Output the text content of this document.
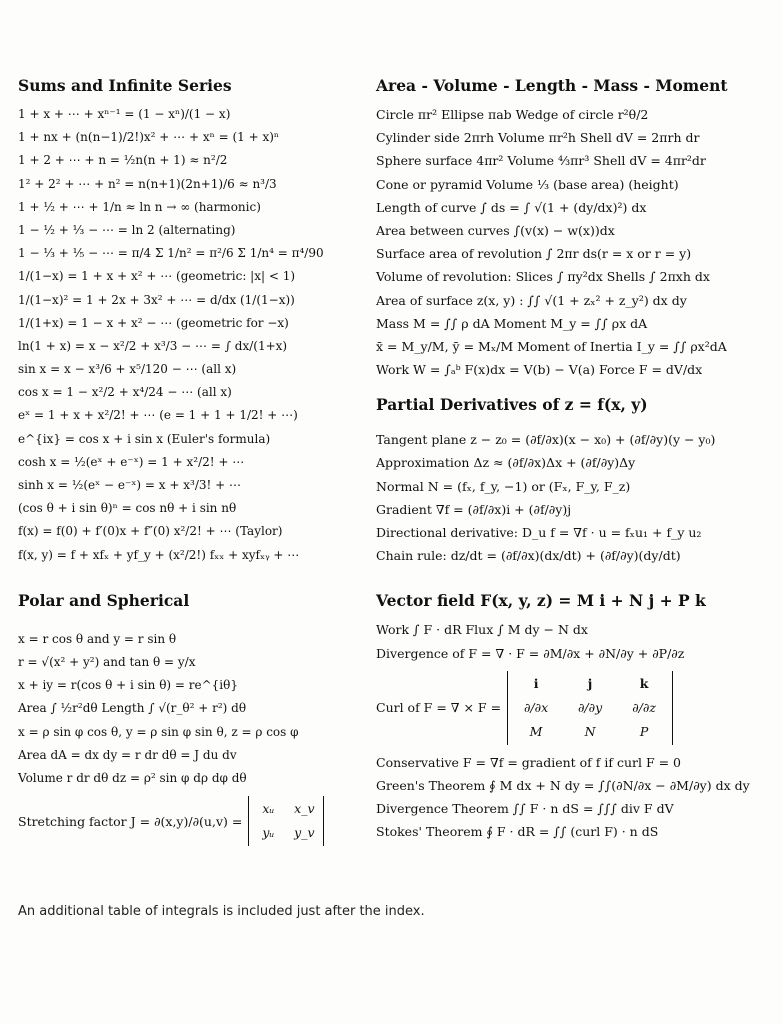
Sums and Infinite Series
1 + x + ⋯ + xⁿ⁻¹ = (1 − xⁿ)/(1 − x)
1 + nx + (n(n−1)/2!)x² + ⋯ + xⁿ = (1 + x)ⁿ
1 + 2 + ⋯ + n = ½n(n + 1) ≈ n²/2
1² + 2² + ⋯ + n² = n(n+1)(2n+1)/6 ≈ n³/3
1 + ½ + ⋯ + 1/n ≈ ln n → ∞ (harmonic)
1 − ½ + ⅓ − ⋯ = ln 2 (alternating)
1 − ⅓ + ⅕ − ⋯ = π/4 Σ 1/n² = π²/6 Σ 1/n⁴ = π⁴/90
1/(1−x) = 1 + x + x² + ⋯ (geometric: |x| < 1)
1/(1−x)² = 1 + 2x + 3x² + ⋯ = d/dx (1/(1−x))
1/(1+x) = 1 − x + x² − ⋯ (geometric for −x)
ln(1 + x) = x − x²/2 + x³/3 − ⋯ = ∫ dx/(1+x)
sin x = x − x³/6 + x⁵/120 − ⋯ (all x)
cos x = 1 − x²/2 + x⁴/24 − ⋯ (all x)
eˣ = 1 + x + x²/2! + ⋯ (e = 1 + 1 + 1/2! + ⋯)
e^{ix} = cos x + i sin x (Euler's formula)
cosh x = ½(eˣ + e⁻ˣ) = 1 + x²/2! + ⋯
sinh x = ½(eˣ − e⁻ˣ) = x + x³/3! + ⋯
(cos θ + i sin θ)ⁿ = cos nθ + i sin nθ
f(x) = f(0) + f′(0)x + f″(0) x²/2! + ⋯ (Taylor)
f(x, y) = f + xfₓ + yf_y + (x²/2!) fₓₓ + xyfₓᵧ + ⋯
Polar and Spherical
x = r cos θ and y = r sin θ
r = √(x² + y²) and tan θ = y/x
x + iy = r(cos θ + i sin θ) = re^{iθ}
Area ∫ ½r²dθ Length ∫ √(r_θ² + r²) dθ
x = ρ sin φ cos θ, y = ρ sin φ sin θ, z = ρ cos φ
Area dA = dx dy = r dr dθ = J du dv
Volume r dr dθ dz = ρ² sin φ dρ dφ dθ
Stretching factor J = ∂(x,y)/∂(u,v) =
xᵤ	x_v
yᵤ	y_v
Area - Volume - Length - Mass - Moment
Circle πr² Ellipse πab Wedge of circle r²θ/2
Cylinder side 2πrh Volume πr²h Shell dV = 2πrh dr
Sphere surface 4πr² Volume ⁴⁄₃πr³ Shell dV = 4πr²dr
Cone or pyramid Volume ⅓ (base area) (height)
Length of curve ∫ ds = ∫ √(1 + (dy/dx)²) dx
Area between curves ∫(v(x) − w(x))dx
Surface area of revolution ∫ 2πr ds(r = x or r = y)
Volume of revolution: Slices ∫ πy²dx Shells ∫ 2πxh dx
Area of surface z(x, y) : ∫∫ √(1 + zₓ² + z_y²) dx dy
Mass M = ∫∫ ρ dA Moment M_y = ∫∫ ρx dA
x̄ = M_y/M, ȳ = Mₓ/M Moment of Inertia I_y = ∫∫ ρx²dA
Work W = ∫ₐᵇ F(x)dx = V(b) − V(a) Force F = dV/dx
Partial Derivatives of z = f(x, y)
Tangent plane z − z₀ = (∂f/∂x)(x − x₀) + (∂f/∂y)(y − y₀)
Approximation Δz ≈ (∂f/∂x)Δx + (∂f/∂y)Δy
Normal N = (fₓ, f_y, −1) or (Fₓ, F_y, F_z)
Gradient ∇f = (∂f/∂x)i + (∂f/∂y)j
Directional derivative: D_u f = ∇f · u = fₓu₁ + f_y u₂
Chain rule: dz/dt = (∂f/∂x)(dx/dt) + (∂f/∂y)(dy/dt)
Vector field F(x, y, z) = M i + N j + P k
Work ∫ F · dR Flux ∫ M dy − N dx
Divergence of F = ∇ · F = ∂M/∂x + ∂N/∂y + ∂P/∂z
Curl of F = ∇ × F =
i	j	k
∂/∂x	∂/∂y	∂/∂z
M	N	P
Conservative F = ∇f = gradient of f if curl F = 0
Green's Theorem ∮ M dx + N dy = ∫∫(∂N/∂x − ∂M/∂y) dx dy
Divergence Theorem ∫∫ F · n dS = ∫∫∫ div F dV
Stokes' Theorem ∮ F · dR = ∫∫ (curl F) · n dS
An additional table of integrals is included just after the index.
